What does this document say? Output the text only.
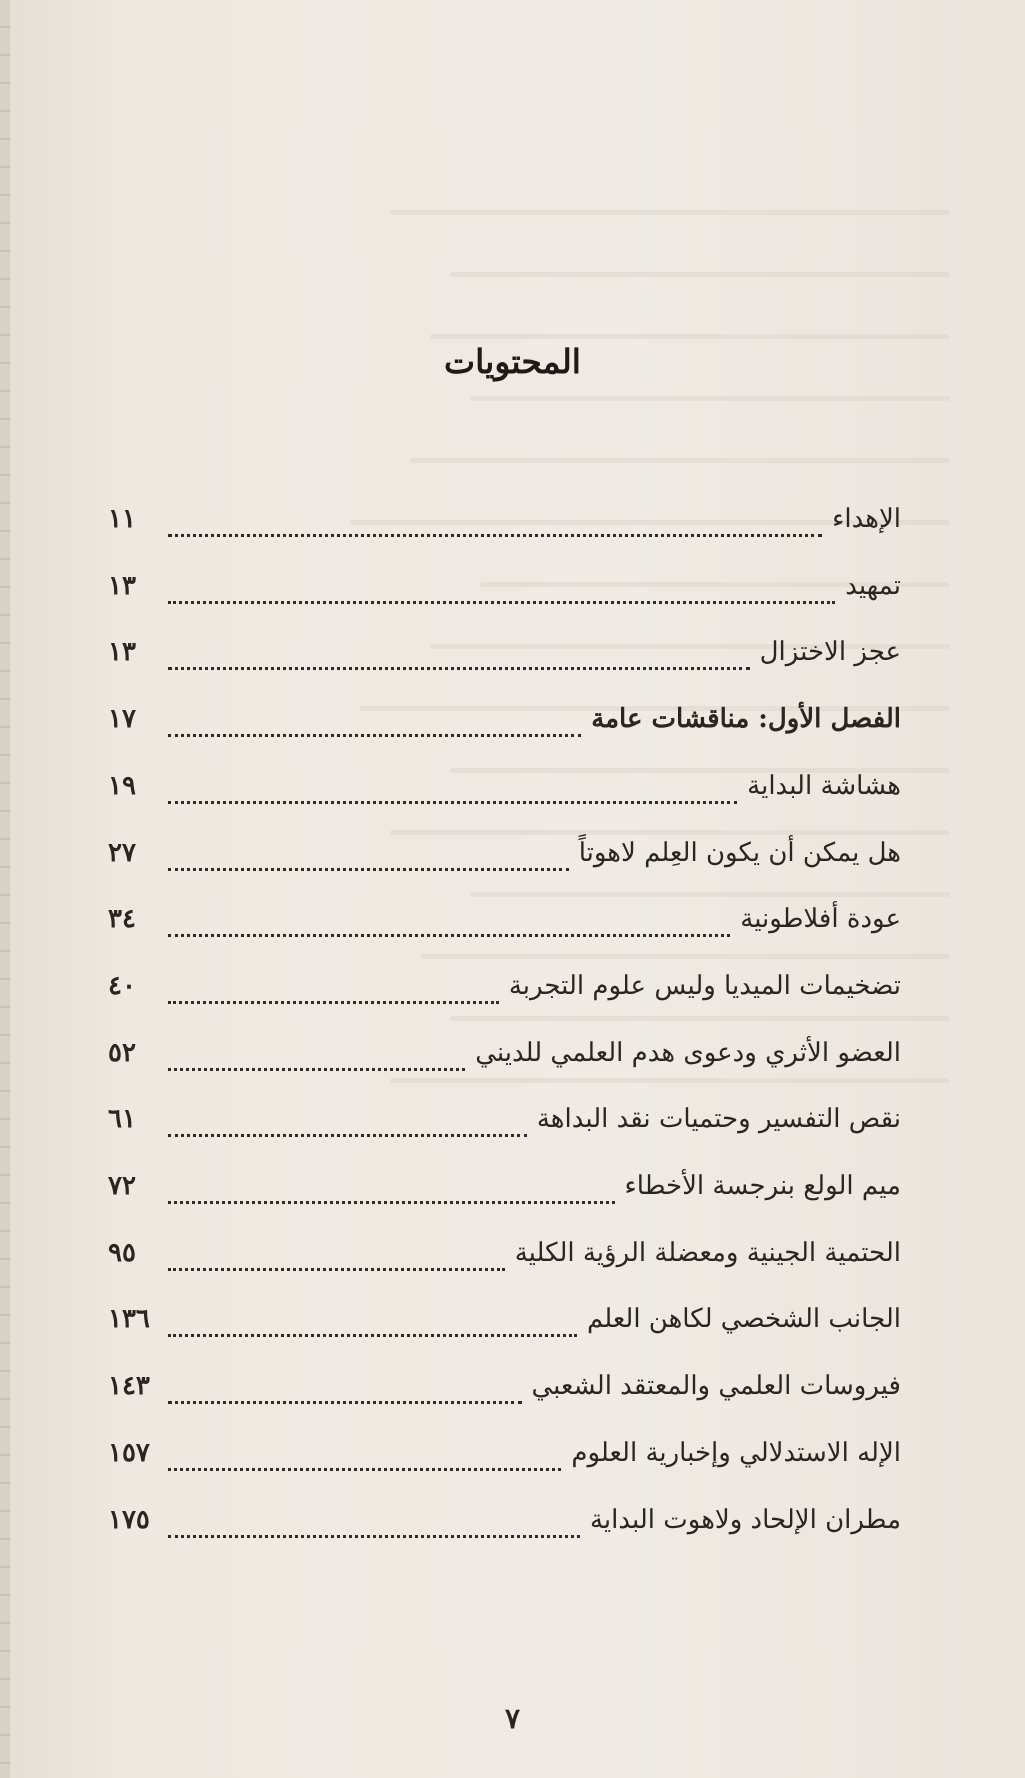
المحتويات
الإهداء
١١
تمهيد
١٣
عجز الاختزال
١٣
الفصل الأول: مناقشات عامة
١٧
هشاشة البداية
١٩
هل يمكن أن يكون العِلم لاهوتاً
٢٧
عودة أفلاطونية
٣٤
تضخيمات الميديا وليس علوم التجربة
٤٠
العضو الأثري ودعوى هدم العلمي للديني
٥٢
نقص التفسير وحتميات نقد البداهة
٦١
ميم الولع بنرجسة الأخطاء
٧٢
الحتمية الجينية ومعضلة الرؤية الكلية
٩٥
الجانب الشخصي لكاهن العلم
١٣٦
فيروسات العلمي والمعتقد الشعبي
١٤٣
الإله الاستدلالي وإخبارية العلوم
١٥٧
مطران الإلحاد ولاهوت البداية
١٧٥
٧
